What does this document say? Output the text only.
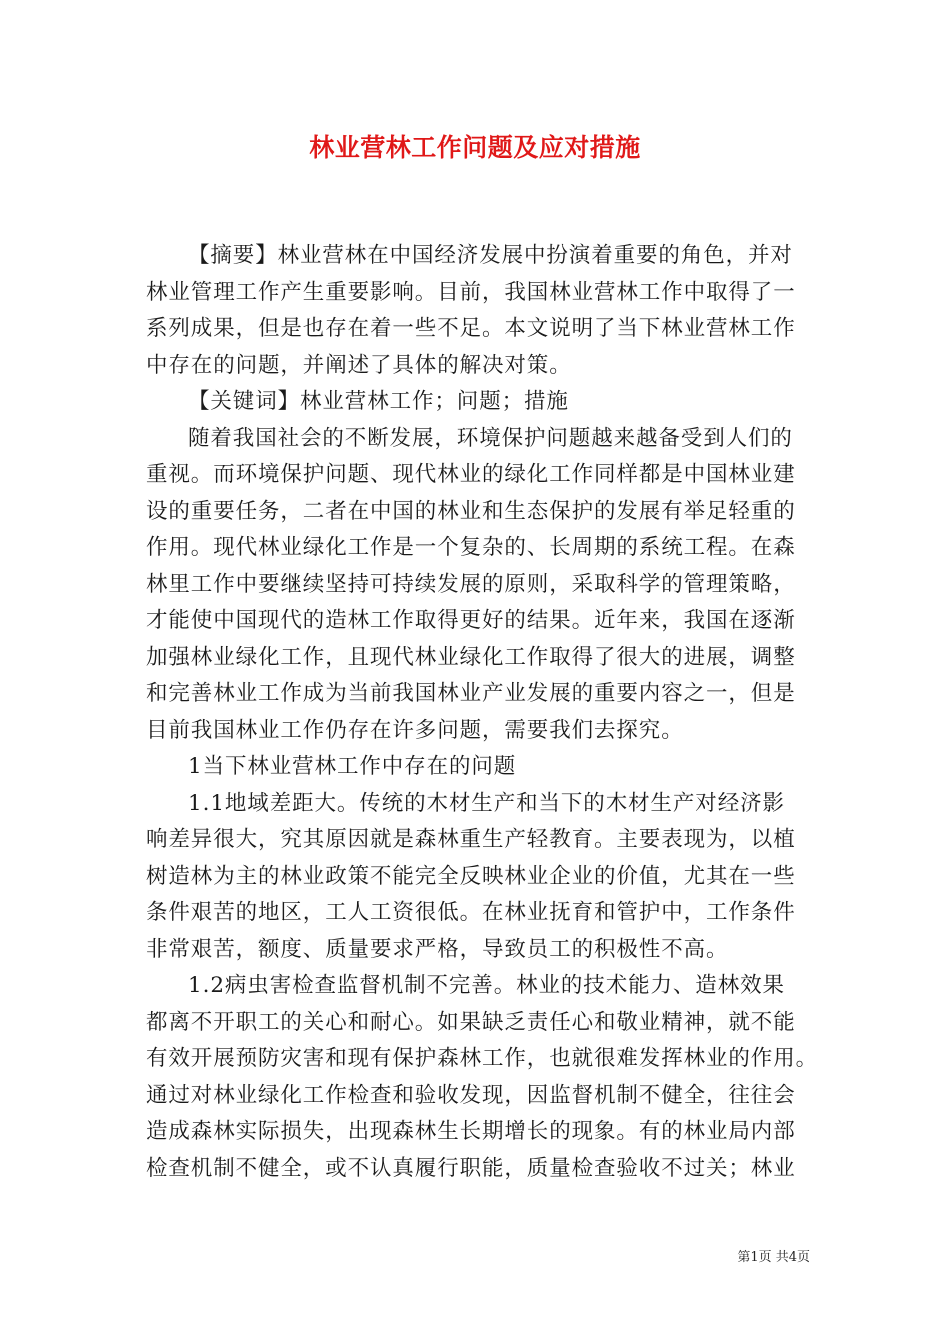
林业营林工作问题及应对措施
【摘要】林业营林在中国经济发展中扮演着重要的角色，并对
林业管理工作产生重要影响。目前，我国林业营林工作中取得了一
系列成果，但是也存在着一些不足。本文说明了当下林业营林工作
中存在的问题，并阐述了具体的解决对策。
【关键词】林业营林工作；问题；措施
随着我国社会的不断发展，环境保护问题越来越备受到人们的
重视。而环境保护问题、现代林业的绿化工作同样都是中国林业建
设的重要任务，二者在中国的林业和生态保护的发展有举足轻重的
作用。现代林业绿化工作是一个复杂的、长周期的系统工程。在森
林里工作中要继续坚持可持续发展的原则，采取科学的管理策略，
才能使中国现代的造林工作取得更好的结果。近年来，我国在逐渐
加强林业绿化工作，且现代林业绿化工作取得了很大的进展，调整
和完善林业工作成为当前我国林业产业发展的重要内容之一，但是
目前我国林业工作仍存在许多问题，需要我们去探究。
1当下林业营林工作中存在的问题
1.1地域差距大。传统的木材生产和当下的木材生产对经济影
响差异很大，究其原因就是森林重生产轻教育。主要表现为，以植
树造林为主的林业政策不能完全反映林业企业的价值，尤其在一些
条件艰苦的地区，工人工资很低。在林业抚育和管护中，工作条件
非常艰苦，额度、质量要求严格，导致员工的积极性不高。
1.2病虫害检查监督机制不完善。林业的技术能力、造林效果
都离不开职工的关心和耐心。如果缺乏责任心和敬业精神，就不能
有效开展预防灾害和现有保护森林工作，也就很难发挥林业的作用。
通过对林业绿化工作检查和验收发现，因监督机制不健全，往往会
造成森林实际损失，出现森林生长期增长的现象。有的林业局内部
检查机制不健全，或不认真履行职能，质量检查验收不过关；林业
第1页 共4页
